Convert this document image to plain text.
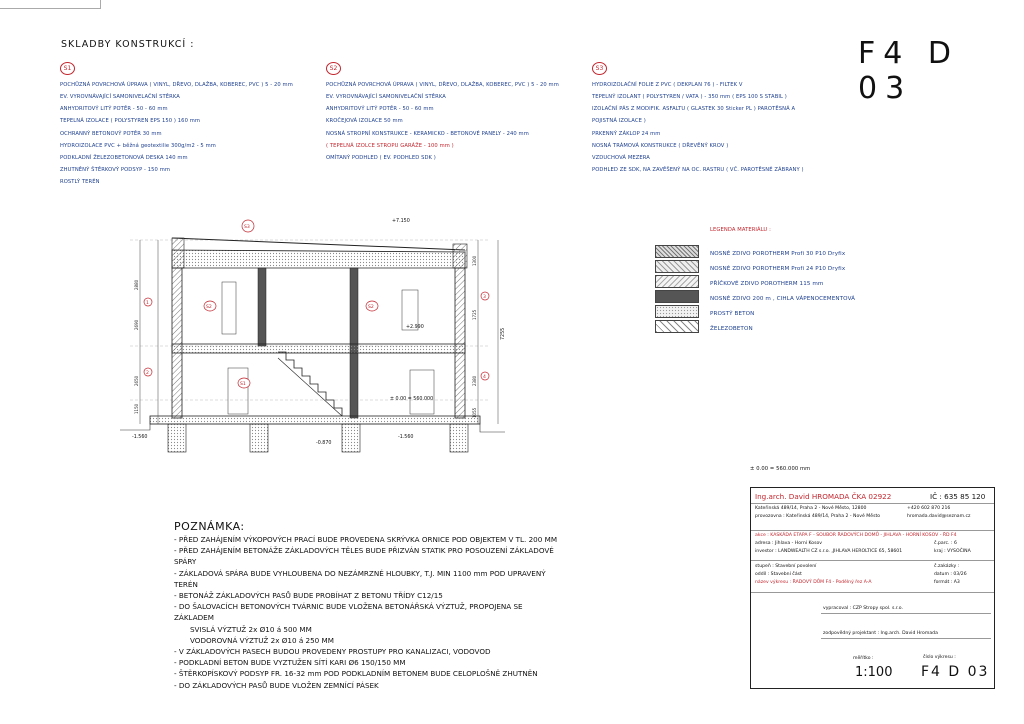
SKLADBY KONSTRUKCÍ :	F4 D 03
S1
POCHŮZNÁ POVRCHOVÁ ÚPRAVA ( VINYL, DŘEVO, DLAŽBA, KOBEREC, PVC ) 5 - 20 mm
EV. VYROVNÁVAJÍCÍ SAMONIVELAČNÍ STĚRKA
ANHYDRITOVÝ LITÝ POTĚR - 50 - 60 mm
TEPELNÁ IZOLACE ( POLYSTYREN EPS 150 ) 160 mm
OCHRANNÝ BETONOVÝ POTĚR 30 mm
HYDROIZOLACE PVC + běžná geotextilie 300g/m2 - 5 mm
PODKLADNÍ ŽELEZOBETONOVÁ DESKA 140 mm
ZHUTNĚNÝ ŠTĚRKOVÝ PODSYP - 150 mm
ROSTLÝ TERÉN
S2
POCHŮZNÁ POVRCHOVÁ ÚPRAVA ( VINYL, DŘEVO, DLAŽBA, KOBEREC, PVC ) 5 - 20 mm
EV. VYROVNÁVAJÍCÍ SAMONIVELAČNÍ STĚRKA
ANHYDRITOVÝ LITÝ POTĚR - 50 - 60 mm
KROČEJOVÁ IZOLACE 50 mm
NOSNÁ STROPNÍ KONSTRUKCE - KERAMICKO - BETONOVÉ PANELY - 240 mm
( TEPELNÁ IZOLCE STROPU GARÁŽE - 100 mm )
OMÍTANÝ PODHLED ( EV. PODHLED SDK )
S3
HYDROIZOLAČNÍ FOLIE Z PVC ( DEKPLAN 76 ) - FILTEK V
TEPELNÝ IZOLANT ( POLYSTYREN / VATA ) - 350 mm ( EPS 100 S STABIL )
IZOLAČNÍ PÁS Z MODIFIK. ASFALTU ( GLASTEK 30 Sticker PL ) PAROTĚSNÁ A
POJISTNÁ IZOLACE )
PRKENNÝ ZÁKLOP 24 mm
NOSNÁ TRÁMOVÁ KONSTRUKCE ( DŘEVĚNÝ KROV )
VZDUCHOVÁ MEZERA
PODHLED ZE SDK, NA ZAVĚŠENÝ NA OC. RASTRU ( VČ. PAROTĚSNÉ ZÁBRANY )
+7.150
+2.990
± 0.00 = 560.000
-1.560	-1.560
-0.870
7255
S3
S2	S2
S1
1
2
3
4
2880
2690
2650
1150
1300
1725
2380
1055
LEGENDA MATERIÁLU :
NOSNÉ ZDIVO POROTHERM Profi 30 P10 Dryfix
NOSNÉ ZDIVO POROTHERM Profi 24 P10 Dryfix
PŘÍČKOVÉ ZDIVO POROTHERM 115 mm
NOSNÉ ZDIVO 200 m , CIHLA VÁPENOCEMENTOVÁ
PROSTÝ BETON
ŽELEZOBETON
± 0.00 = 560.000 mm
POZNÁMKA:
- PŘED ZAHÁJENÍM VÝKOPOVÝCH PRACÍ BUDE PROVEDENA SKRÝVKA ORNICE POD OBJEKTEM V TL. 200 MM
- PŘED ZAHÁJENÍM BETONÁŽE ZÁKLADOVÝCH TĚLES BUDE PŘIZVÁN STATIK PRO POSOUZENÍ ZÁKLADOVÉ
SPÁRY
- ZÁKLADOVÁ SPÁRA BUDE VYHLOUBENA DO NEZÁMRZNÉ HLOUBKY, T.J. MIN 1100 mm POD UPRAVENÝ
TERÉN
- BETONÁŽ ZÁKLADOVÝCH PASŮ BUDE PROBÍHAT Z BETONU TŘÍDY C12/15
- DO ŠALOVACÍCH BETONOVÝCH TVÁRNIC BUDE VLOŽENA BETONÁŘSKÁ VÝZTUŽ, PROPOJENA SE
ZÁKLADEM
SVISLÁ VÝZTUŽ 2x Ø10 á 500 MM
VODOROVNÁ VÝZTUŽ 2x Ø10 á 250 MM
- V ZÁKLADOVÝCH PASECH BUDOU PROVEDENY PROSTUPY PRO KANALIZACI, VODOVOD
- PODKLADNÍ BETON BUDE VYZTUŽEN SÍTÍ KARI Ø6 150/150 MM
- ŠTĚRKOPÍSKOVÝ PODSYP FR. 16-32 mm POD PODKLADNÍM BETONEM BUDE CELOPLOŠNĚ ZHUTNĚN
- DO ZÁKLADOVÝCH PASŮ BUDE VLOŽEN ZEMNÍCÍ PÁSEK
Ing.arch. David HROMADA ČKA 02922	IČ : 635 85 120
Kateřinská 489/14, Praha 2 - Nové Město, 12800	+420 602 870 216
provozovna : Kateřinská 489/14, Praha 2 - Nové Město	hromada.david@seznam.cz
akce : KASKÁDA ETAPA F - SOUBOR ŘADOVÝCH DOMŮ - JIHLAVA - HORNÍ KOSOV - ŘD F4
adresa : Jihlava - Horní Kosov	č.parc. : 6
investor : LANDWEALTH CZ s.r.o. ,JIHLAVA HEROLTICE 65, 58601	kraj : VYSOČINA
stupeň : Stavební povolení	č.zakázky :
oddíl : Stavební část	datum : 03/26
název výkresu : ŘADOVÝ DŮM F4 - Podélný řez A-A	formát : A3
vypracoval : CZP Stropy spol. s.r.o.
zodpovědný projektant : Ing.arch. David Hromada
měřítko :	číslo výkresu :
1:100 F4 D 03
